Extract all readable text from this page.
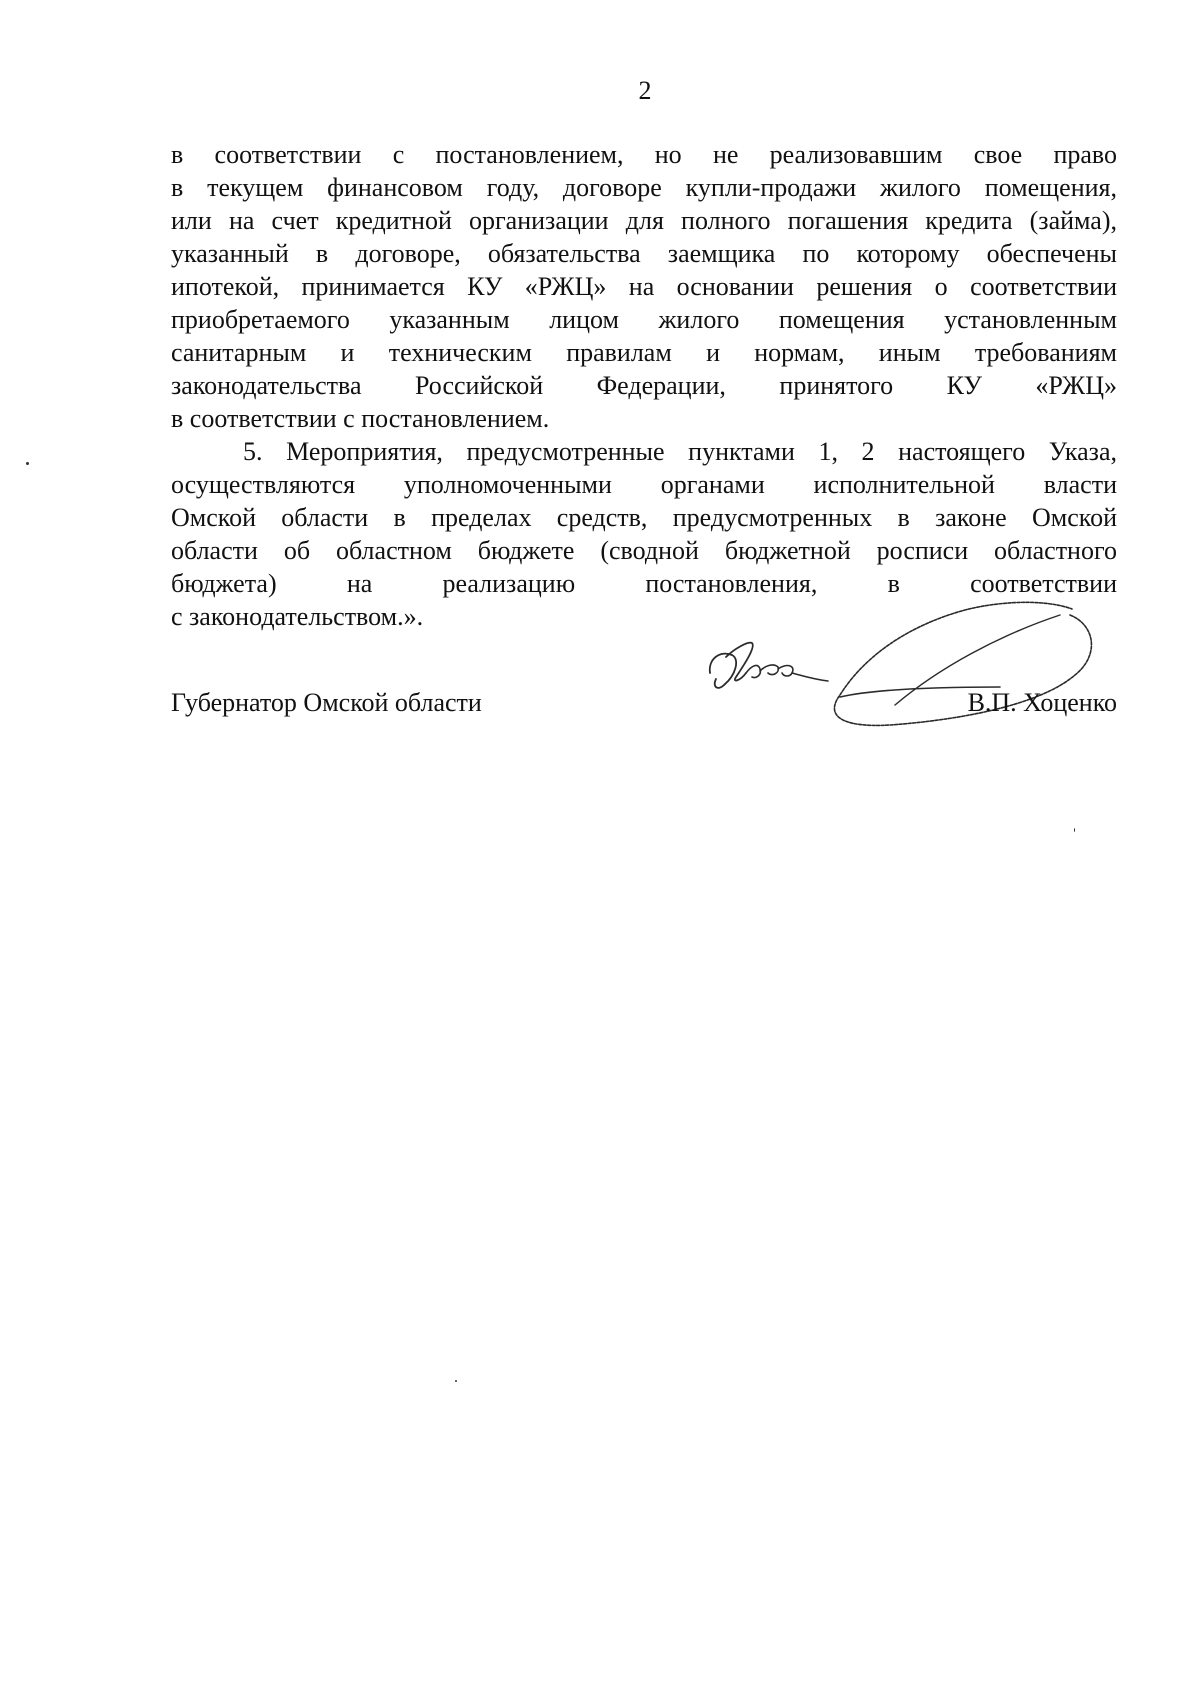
2
в соответствии с постановлением, но не реализовавшим свое право
в текущем финансовом году, договоре купли-продажи жилого помещения,
или на счет кредитной организации для полного погашения кредита (займа),
указанный в договоре, обязательства заемщика по которому обеспечены
ипотекой, принимается КУ «РЖЦ» на основании решения о соответствии
приобретаемого указанным лицом жилого помещения установленным
санитарным и техническим правилам и нормам, иным требованиям
законодательства Российской Федерации, принятого КУ «РЖЦ»
в соответствии с постановлением.
5. Мероприятия, предусмотренные пунктами 1, 2 настоящего Указа,
осуществляются уполномоченными органами исполнительной власти
Омской области в пределах средств, предусмотренных в законе Омской
области об областном бюджете (сводной бюджетной росписи областного
бюджета) на реализацию постановления, в соответствии
с законодательством.».
Губернатор Омской области	В.П. Хоценко
